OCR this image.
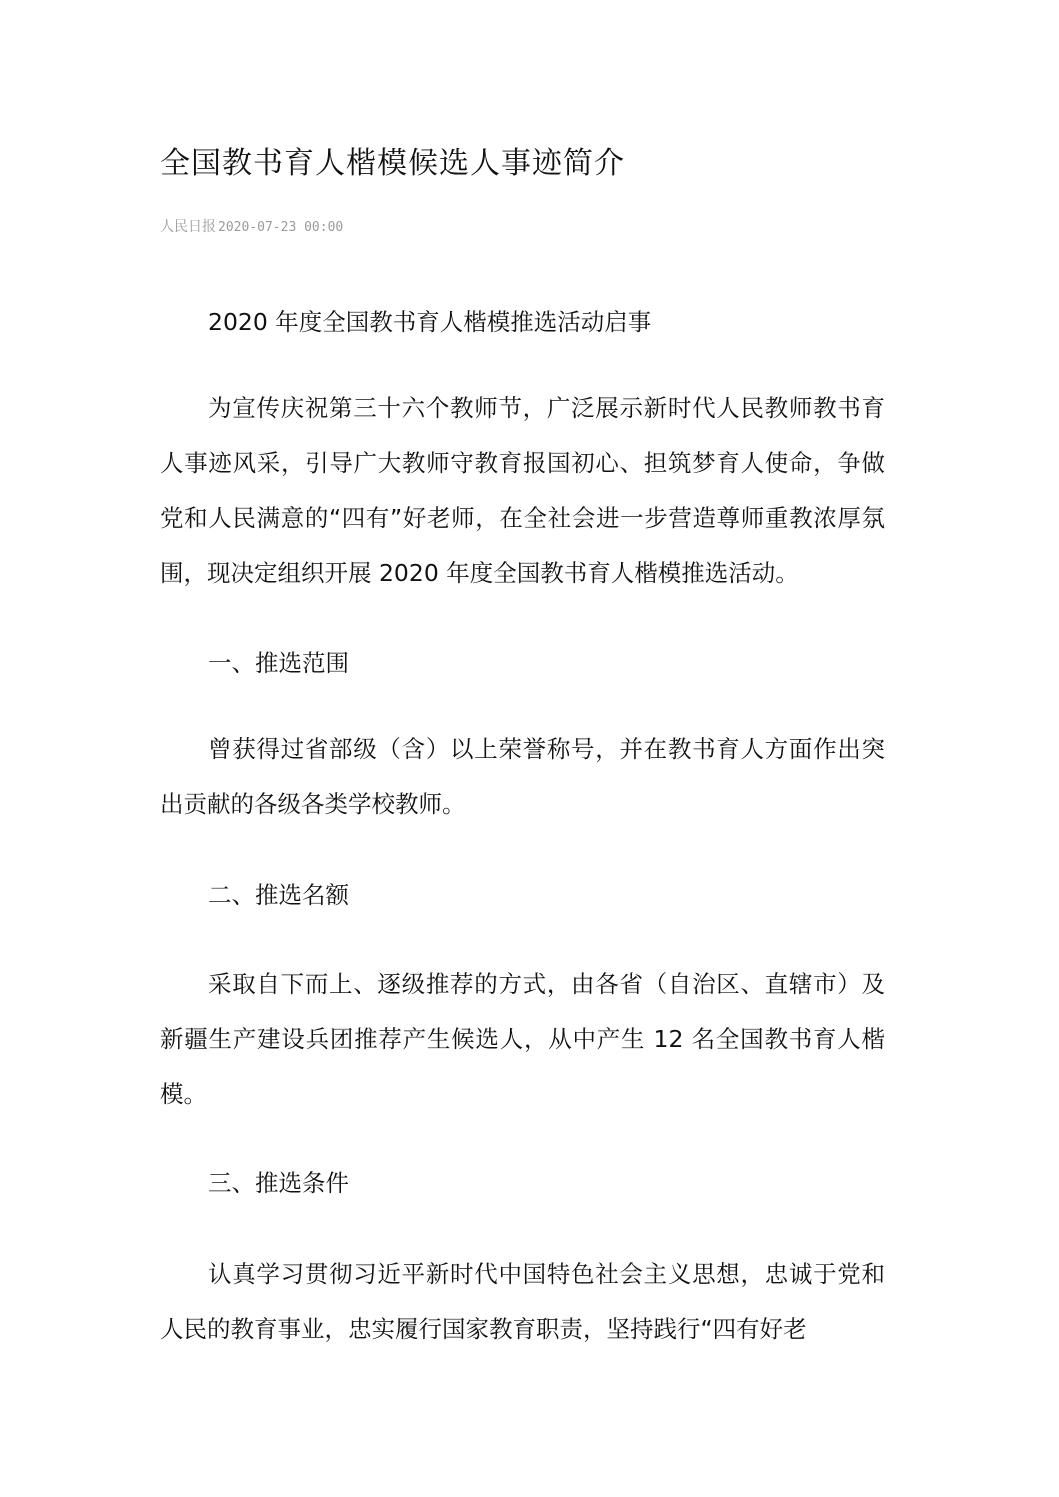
全国教书育人楷模候选人事迹简介
人民日报 2020-07-23 00:00

2020 年度全国教书育人楷模推选活动启事

为宣传庆祝第三十六个教师节，广泛展示新时代人民教师教书育人事迹风采，引导广大教师守教育报国初心、担筑梦育人使命，争做党和人民满意的“四有”好老师，在全社会进一步营造尊师重教浓厚氛围，现决定组织开展 2020 年度全国教书育人楷模推选活动。

一、推选范围

曾获得过省部级（含）以上荣誉称号，并在教书育人方面作出突出贡献的各级各类学校教师。

二、推选名额

采取自下而上、逐级推荐的方式，由各省（自治区、直辖市）及新疆生产建设兵团推荐产生候选人，从中产生 12 名全国教书育人楷模。

三、推选条件

认真学习贯彻习近平新时代中国特色社会主义思想，忠诚于党和人民的教育事业，忠实履行国家教育职责，坚持践行“四有好老
